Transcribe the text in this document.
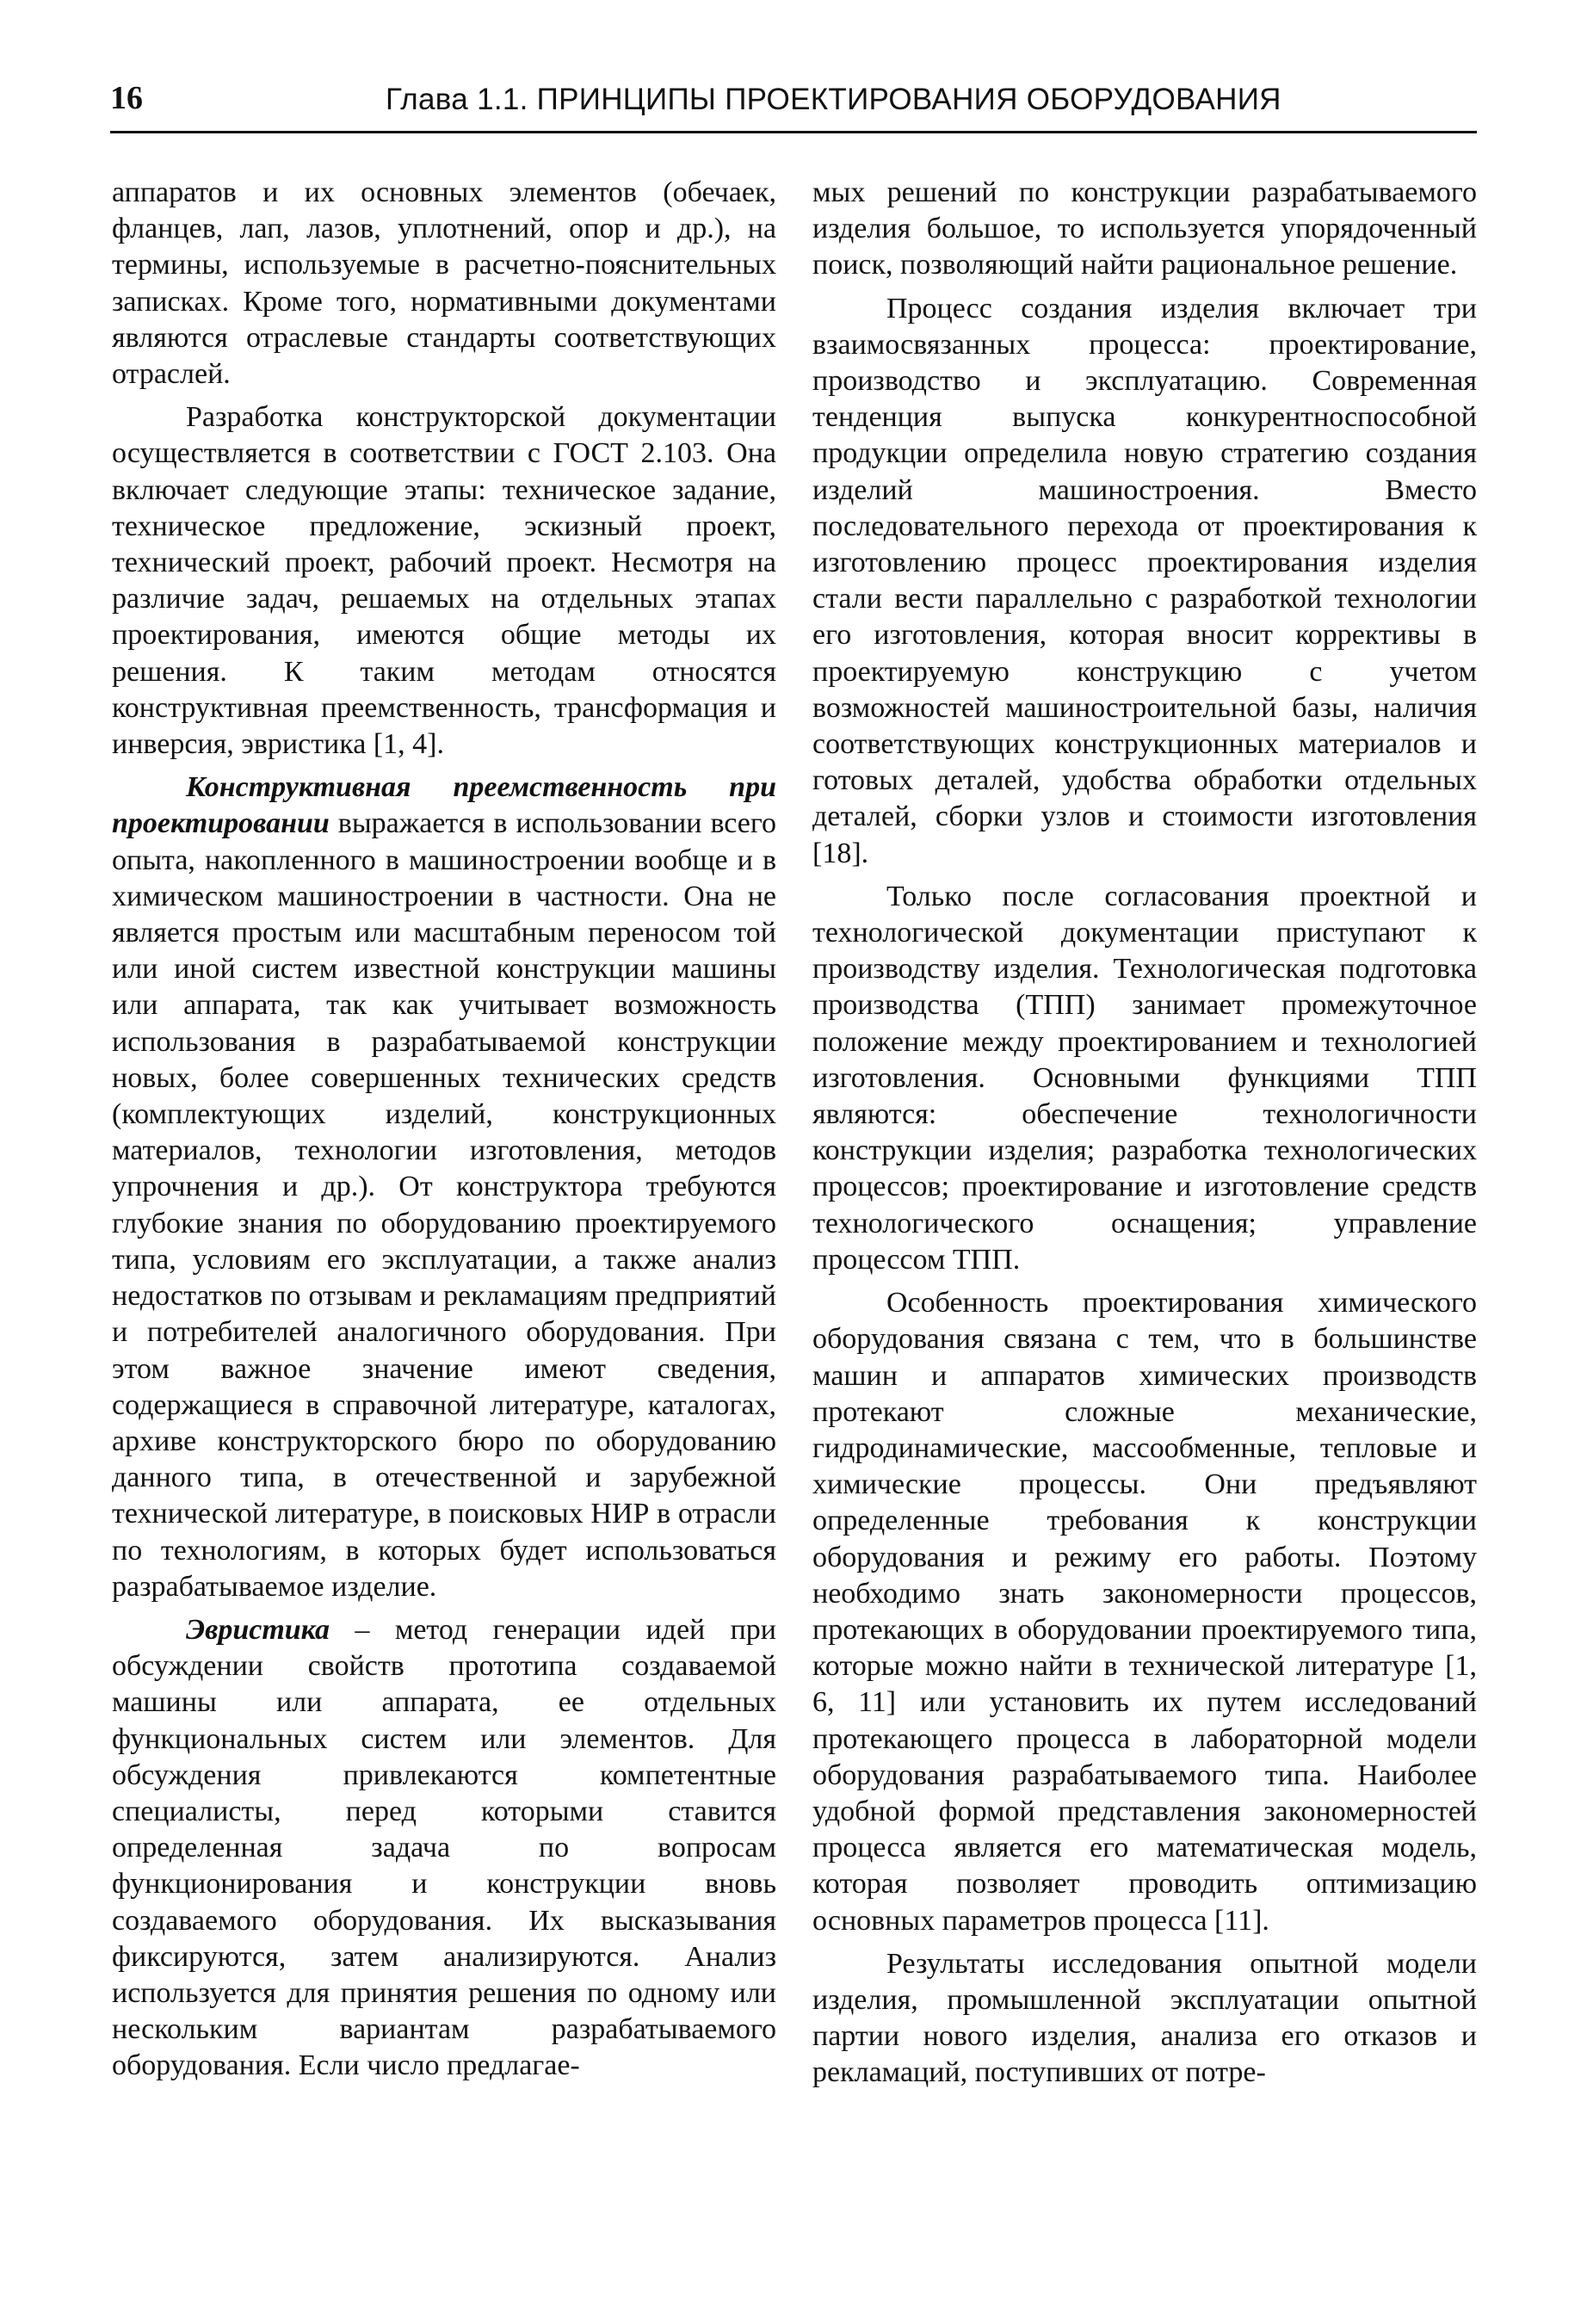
16	Глава 1.1. ПРИНЦИПЫ ПРОЕКТИРОВАНИЯ ОБОРУДОВАНИЯ

аппаратов и их основных элементов (обечаек, фланцев, лап, лазов, уплотнений, опор и др.), на термины, используемые в расчетно-пояснительных записках. Кроме того, нормативными документами являются отраслевые стандарты соответствующих отраслей.

Разработка конструкторской документации осуществляется в соответствии с ГОСТ 2.103. Она включает следующие этапы: техническое задание, техническое предложение, эскизный проект, технический проект, рабочий проект. Несмотря на различие задач, решаемых на отдельных этапах проектирования, имеются общие методы их решения. К таким методам относятся конструктивная преемственность, трансформация и инверсия, эвристика [1, 4].

Конструктивная преемственность при проектировании выражается в использовании всего опыта, накопленного в машиностроении вообще и в химическом машиностроении в частности. Она не является простым или масштабным переносом той или иной систем известной конструкции машины или аппарата, так как учитывает возможность использования в разрабатываемой конструкции новых, более совершенных технических средств (комплектующих изделий, конструкционных материалов, технологии изготовления, методов упрочнения и др.). От конструктора требуются глубокие знания по оборудованию проектируемого типа, условиям его эксплуатации, а также анализ недостатков по отзывам и рекламациям предприятий и потребителей аналогичного оборудования. При этом важное значение имеют сведения, содержащиеся в справочной литературе, каталогах, архиве конструкторского бюро по оборудованию данного типа, в отечественной и зарубежной технической литературе, в поисковых НИР в отрасли по технологиям, в которых будет использоваться разрабатываемое изделие.

Эвристика – метод генерации идей при обсуждении свойств прототипа создаваемой машины или аппарата, ее отдельных функциональных систем или элементов. Для обсуждения привлекаются компетентные специалисты, перед которыми ставится определенная задача по вопросам функционирования и конструкции вновь создаваемого оборудования. Их высказывания фиксируются, затем анализируются. Анализ используется для принятия решения по одному или нескольким вариантам разрабатываемого оборудования. Если число предлагае-

мых решений по конструкции разрабатываемого изделия большое, то используется упорядоченный поиск, позволяющий найти рациональное решение.

Процесс создания изделия включает три взаимосвязанных процесса: проектирование, производство и эксплуатацию. Современная тенденция выпуска конкурентноспособной продукции определила новую стратегию создания изделий машиностроения. Вместо последовательного перехода от проектирования к изготовлению процесс проектирования изделия стали вести параллельно с разработкой технологии его изготовления, которая вносит коррективы в проектируемую конструкцию с учетом возможностей машиностроительной базы, наличия соответствующих конструкционных материалов и готовых деталей, удобства обработки отдельных деталей, сборки узлов и стоимости изготовления [18].

Только после согласования проектной и технологической документации приступают к производству изделия. Технологическая подготовка производства (ТПП) занимает промежуточное положение между проектированием и технологией изготовления. Основными функциями ТПП являются: обеспечение технологичности конструкции изделия; разработка технологических процессов; проектирование и изготовление средств технологического оснащения; управление процессом ТПП.

Особенность проектирования химического оборудования связана с тем, что в большинстве машин и аппаратов химических производств протекают сложные механические, гидродинамические, массообменные, тепловые и химические процессы. Они предъявляют определенные требования к конструкции оборудования и режиму его работы. Поэтому необходимо знать закономерности процессов, протекающих в оборудовании проектируемого типа, которые можно найти в технической литературе [1, 6, 11] или установить их путем исследований протекающего процесса в лабораторной модели оборудования разрабатываемого типа. Наиболее удобной формой представления закономерностей процесса является его математическая модель, которая позволяет проводить оптимизацию основных параметров процесса [11].

Результаты исследования опытной модели изделия, промышленной эксплуатации опытной партии нового изделия, анализа его отказов и рекламаций, поступивших от потре-
